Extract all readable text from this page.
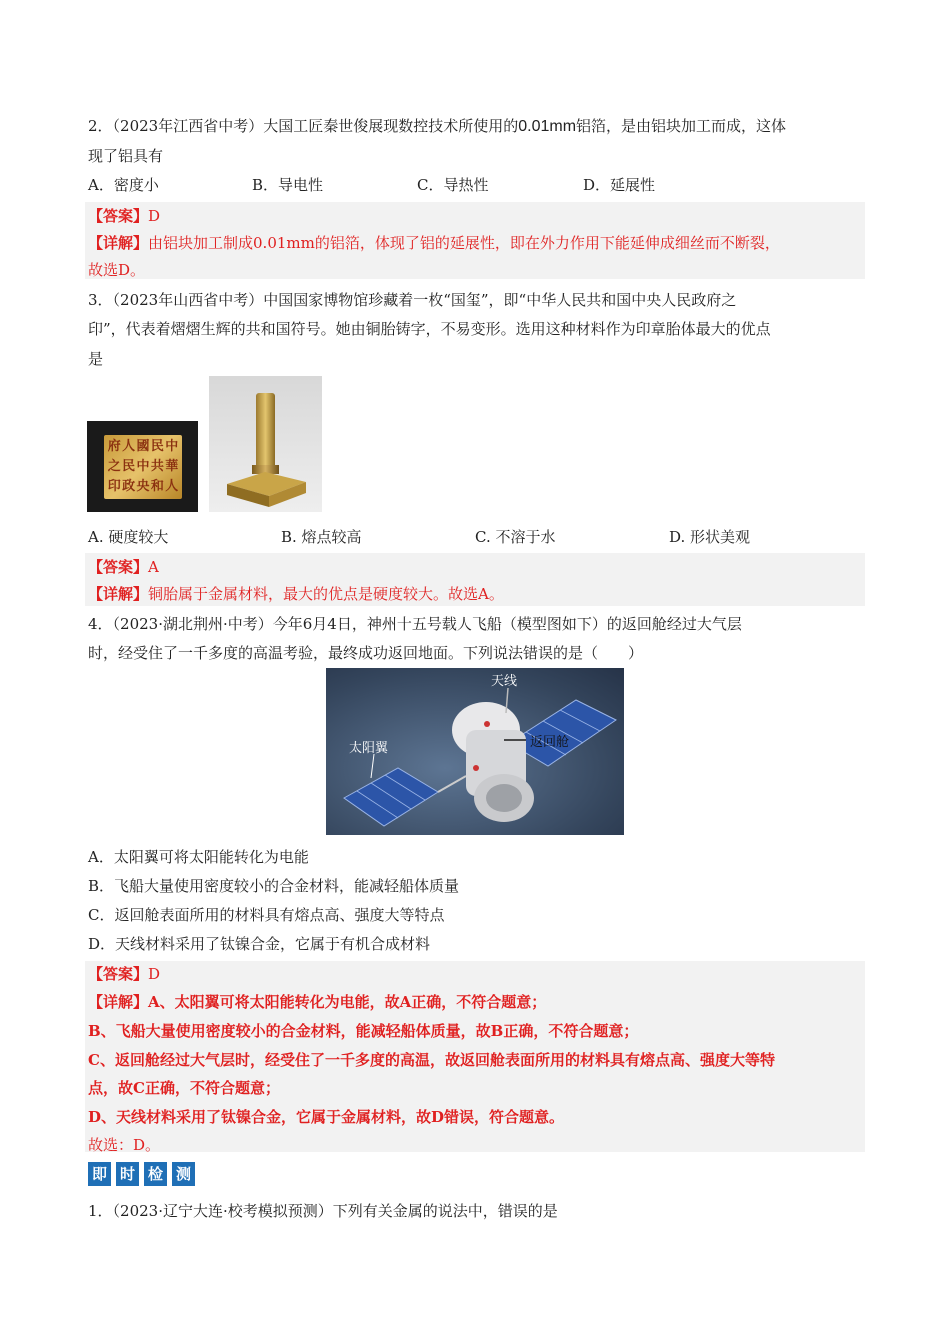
2．（2023年江西省中考）大国工匠秦世俊展现数控技术所使用的0.01mm铝箔，是由铝块加工而成，这体
现了铝具有
A．密度小	B．导电性	C．导热性	D．延展性
【答案】D
【详解】由铝块加工制成0.01mm的铝箔，体现了铝的延展性，即在外力作用下能延伸成细丝而不断裂，
故选D。
3．（2023年山西省中考）中国国家博物馆珍藏着一枚“国玺”，即“中华人民共和国中央人民政府之
印”，代表着熠熠生辉的共和国符号。她由铜胎铸字，不易变形。选用这种材料作为印章胎体最大的优点
是
中
華
人
民
共
和
國
中
央
人
民
政
府
之
印
A. 硬度较大	B. 熔点较高	C. 不溶于水	D. 形状美观
【答案】A
【详解】铜胎属于金属材料，最大的优点是硬度较大。故选A。
4．（2023·湖北荆州·中考）今年6月4日，神州十五号载人飞船（模型图如下）的返回舱经过大气层
时，经受住了一千多度的高温考验，最终成功返回地面。下列说法错误的是（　　）
天线
太阳翼	返回舱
A．太阳翼可将太阳能转化为电能
B．飞船大量使用密度较小的合金材料，能减轻船体质量
C．返回舱表面所用的材料具有熔点高、强度大等特点
D．天线材料采用了钛镍合金，它属于有机合成材料
【答案】D
【详解】A、太阳翼可将太阳能转化为电能，故A正确，不符合题意；
B、飞船大量使用密度较小的合金材料，能减轻船体质量，故B正确，不符合题意；
C、返回舱经过大气层时，经受住了一千多度的高温，故返回舱表面所用的材料具有熔点高、强度大等特
点，故C正确，不符合题意；
D、天线材料采用了钛镍合金，它属于金属材料，故D错误，符合题意。
故选：D。
即 时 检 测
1．（2023·辽宁大连·校考模拟预测）下列有关金属的说法中，错误的是
